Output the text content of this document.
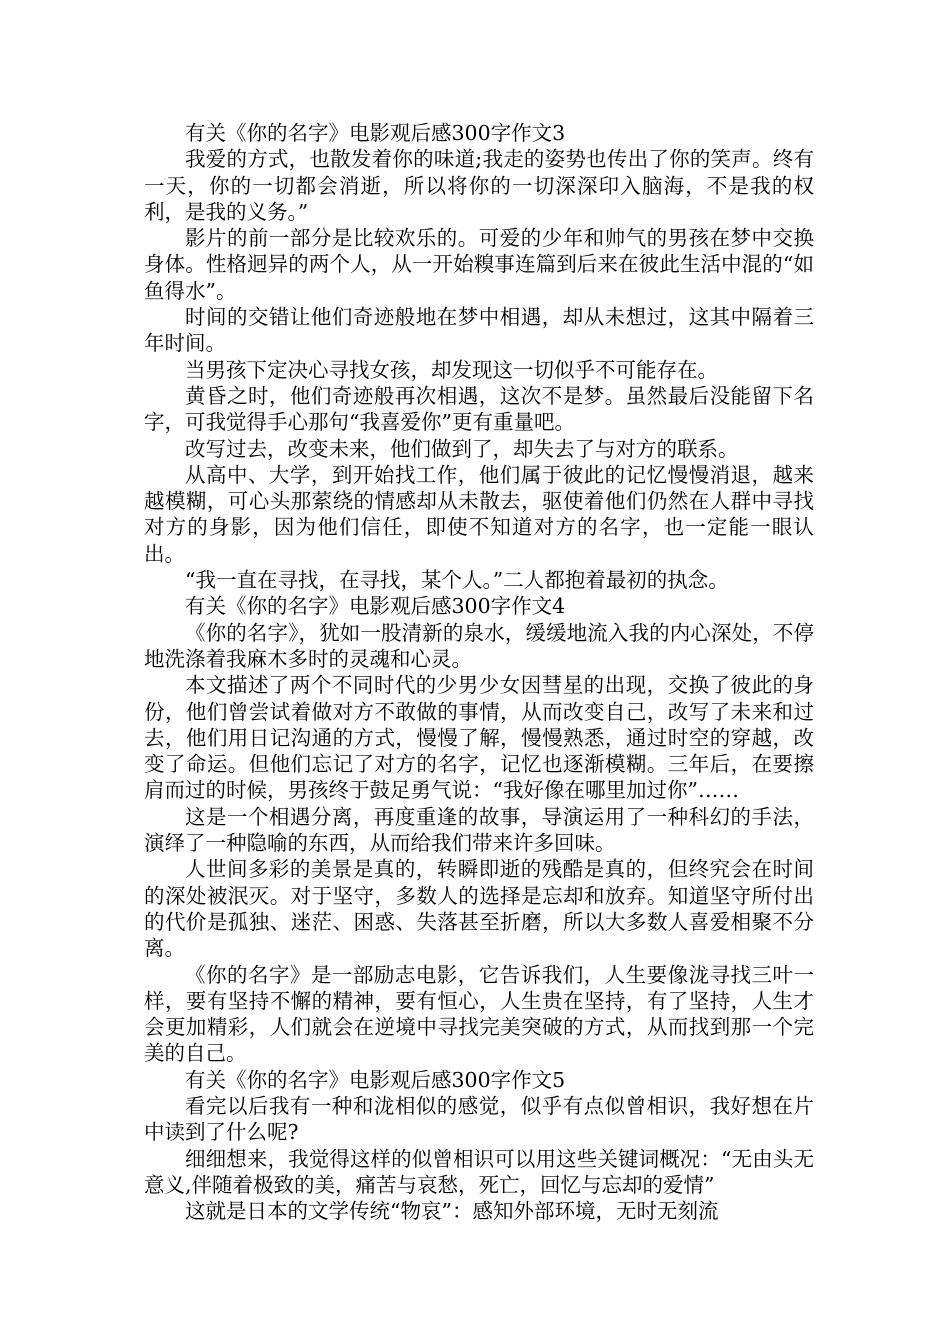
有关《你的名字》电影观后感300字作文3

我爱的方式，也散发着你的味道;我走的姿势也传出了你的笑声。终有一天，你的一切都会消逝，所以将你的一切深深印入脑海，不是我的权利，是我的义务。”

影片的前一部分是比较欢乐的。可爱的少年和帅气的男孩在梦中交换身体。性格迥异的两个人，从一开始糗事连篇到后来在彼此生活中混的“如鱼得水”。

时间的交错让他们奇迹般地在梦中相遇，却从未想过，这其中隔着三年时间。

当男孩下定决心寻找女孩，却发现这一切似乎不可能存在。

黄昏之时，他们奇迹般再次相遇，这次不是梦。虽然最后没能留下名字，可我觉得手心那句“我喜爱你”更有重量吧。

改写过去，改变未来，他们做到了，却失去了与对方的联系。

从高中、大学，到开始找工作，他们属于彼此的记忆慢慢消退，越来越模糊，可心头那萦绕的情感却从未散去，驱使着他们仍然在人群中寻找对方的身影，因为他们信任，即使不知道对方的名字，也一定能一眼认出。

“我一直在寻找，在寻找，某个人。”二人都抱着最初的执念。

有关《你的名字》电影观后感300字作文4

《你的名字》，犹如一股清新的泉水，缓缓地流入我的内心深处，不停地洗涤着我麻木多时的灵魂和心灵。

本文描述了两个不同时代的少男少女因彗星的出现，交换了彼此的身份，他们曾尝试着做对方不敢做的事情，从而改变自己，改写了未来和过去，他们用日记沟通的方式，慢慢了解，慢慢熟悉，通过时空的穿越，改变了命运。但他们忘记了对方的名字，记忆也逐渐模糊。三年后，在要擦肩而过的时候，男孩终于鼓足勇气说：“我好像在哪里加过你”……

这是一个相遇分离，再度重逢的故事，导演运用了一种科幻的手法，演绎了一种隐喻的东西，从而给我们带来许多回味。

人世间多彩的美景是真的，转瞬即逝的残酷是真的，但终究会在时间的深处被泯灭。对于坚守，多数人的选择是忘却和放弃。知道坚守所付出的代价是孤独、迷茫、困惑、失落甚至折磨，所以大多数人喜爱相聚不分离。

《你的名字》是一部励志电影，它告诉我们，人生要像泷寻找三叶一样，要有坚持不懈的精神，要有恒心，人生贵在坚持，有了坚持，人生才会更加精彩，人们就会在逆境中寻找完美突破的方式，从而找到那一个完美的自己。

有关《你的名字》电影观后感300字作文5

看完以后我有一种和泷相似的感觉，似乎有点似曾相识，我好想在片中读到了什么呢?

细细想来，我觉得这样的似曾相识可以用这些关键词概况：“无由头无意义,伴随着极致的美，痛苦与哀愁，死亡，回忆与忘却的爱情”

这就是日本的文学传统“物哀”：感知外部环境，无时无刻流
